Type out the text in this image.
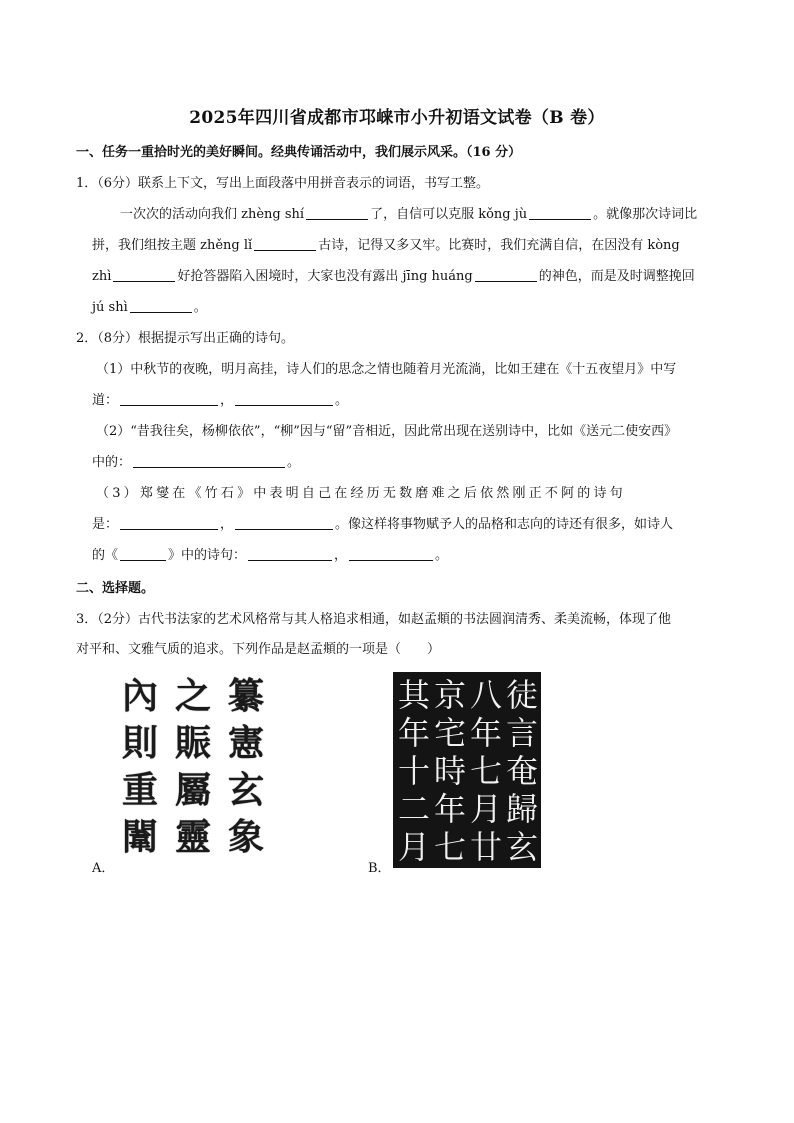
2025年四川省成都市邛崃市小升初语文试卷（B 卷）
一、任务一重拾时光的美好瞬间。经典传诵活动中，我们展示风采。（16 分）
1．（6分）联系上下文，写出上面段落中用拼音表示的词语，书写工整。
一次次的活动向我们 zhèng shí	了，自信可以克服 kǒng jù	。就像那次诗词比
拼，我们组按主题 zhěng lǐ	古诗，记得又多又牢。比赛时，我们充满自信，在因没有 kòng
zhì	好抢答器陷入困境时，大家也没有露出 jīng huáng	的神色，而是及时调整挽回
jú shì	。
2．（8分）根据提示写出正确的诗句。
（1）中秋节的夜晚，明月高挂，诗人们的思念之情也随着月光流淌，比如王建在《十五夜望月》中写
道：	，	。
（2）“昔我往矣，杨柳依依”，“柳”因与“留”音相近，因此常出现在送别诗中，比如《送元二使安西》
中的：	。
（3）郑燮在《竹石》中表明自己在经历无数磨难之后依然刚正不阿的诗句
是：	，	。像这样将事物赋予人的品格和志向的诗还有很多，如诗人
的《	》中的诗句：	，	。
二、选择题。
3．（2分）古代书法家的艺术风格常与其人格追求相通，如赵孟頫的书法圆润清秀、柔美流畅，体现了他
对平和、文雅气质的追求。下列作品是赵孟頫的一项是（　　）
A．
內
則
重
闈
之
賑
屬
靈
纂
憲
玄
象
B．
其
年
十
二
月
京
宅
時
年
七
八
年
七
月
廿
徒
言
奄
歸
玄
